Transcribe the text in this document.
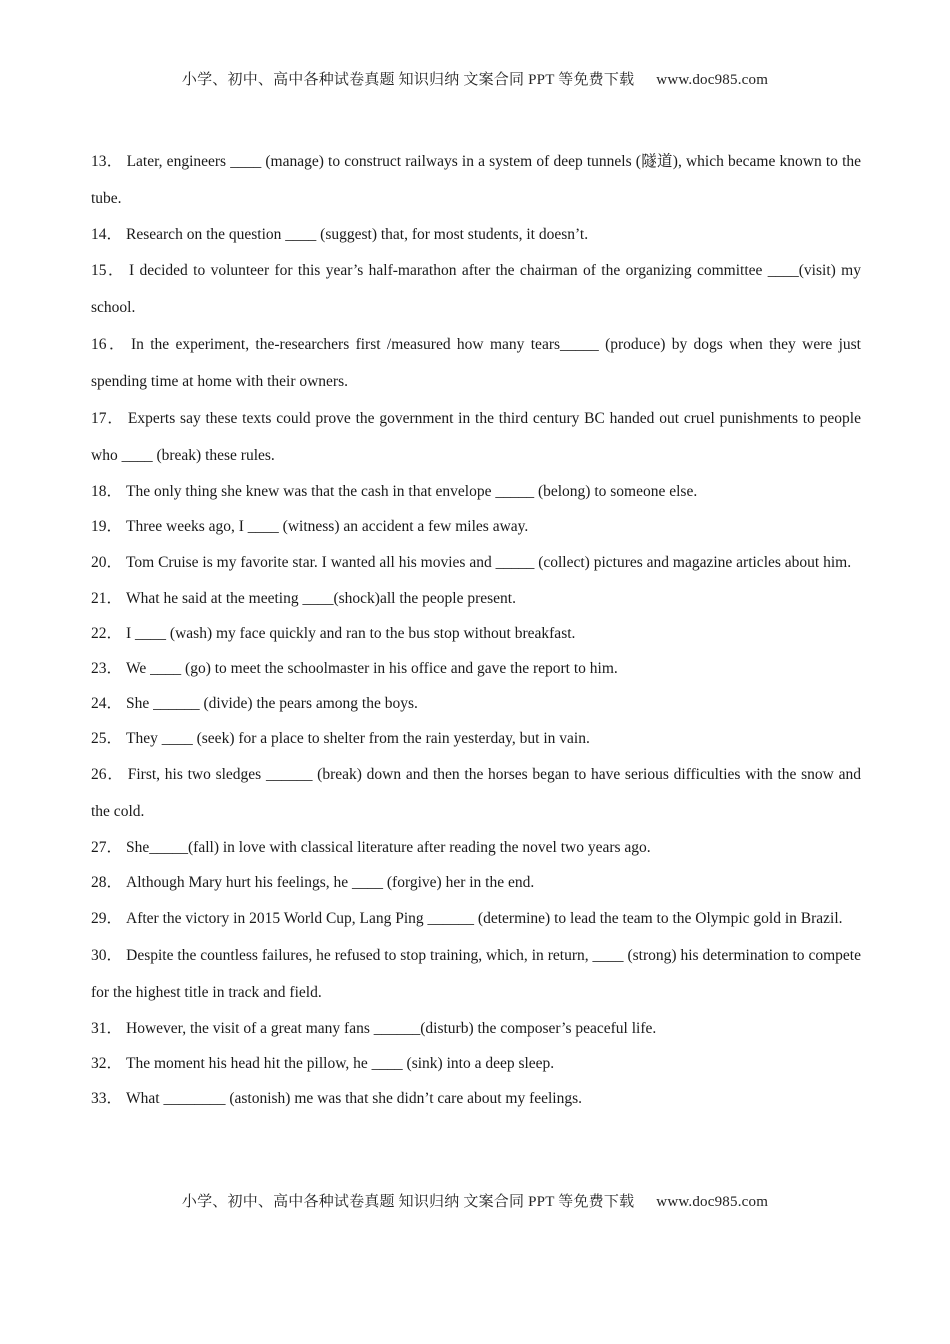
小学、初中、高中各种试卷真题 知识归纳 文案合同 PPT 等免费下载 www.doc985.com

13． Later, engineers ____ (manage) to construct railways in a system of deep tunnels (隧道), which became known to the tube.

14． Research on the question ____ (suggest) that, for most students, it doesn’t.

15． I decided to volunteer for this year’s half-marathon after the chairman of the organizing committee ____(visit) my school.

16． In the experiment, the-researchers first /measured how many tears_____ (produce) by dogs when they were just spending time at home with their owners.

17． Experts say these texts could prove the government in the third century BC handed out cruel punishments to people who ____ (break) these rules.

18． The only thing she knew was that the cash in that envelope _____ (belong) to someone else.

19． Three weeks ago, I ____ (witness) an accident a few miles away.

20． Tom Cruise is my favorite star. I wanted all his movies and _____ (collect) pictures and magazine articles about him.

21． What he said at the meeting ____(shock)all the people present.

22． I ____ (wash) my face quickly and ran to the bus stop without breakfast.

23． We ____ (go) to meet the schoolmaster in his office and gave the report to him.

24． She ______ (divide) the pears among the boys.

25． They ____ (seek) for a place to shelter from the rain yesterday, but in vain.

26． First, his two sledges ______ (break) down and then the horses began to have serious difficulties with the snow and the cold.

27． She_____(fall) in love with classical literature after reading the novel two years ago.

28． Although Mary hurt his feelings, he ____ (forgive) her in the end.

29． After the victory in 2015 World Cup, Lang Ping ______ (determine) to lead the team to the Olympic gold in Brazil.

30． Despite the countless failures, he refused to stop training, which, in return, ____ (strong) his determination to compete for the highest title in track and field.

31． However, the visit of a great many fans ______(disturb) the composer’s peaceful life.

32． The moment his head hit the pillow, he ____ (sink) into a deep sleep.

33． What ________ (astonish) me was that she didn’t care about my feelings.

小学、初中、高中各种试卷真题 知识归纳 文案合同 PPT 等免费下载 www.doc985.com
